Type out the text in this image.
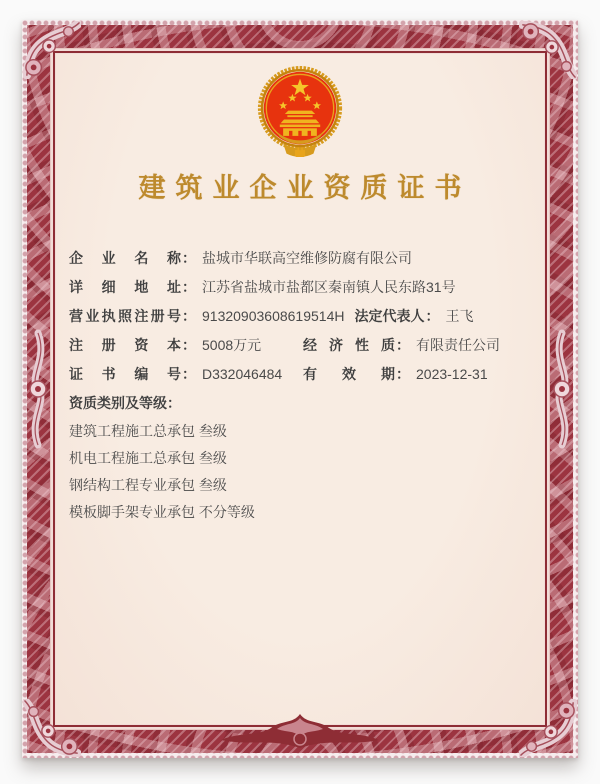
建筑业企业资质证书
企 业 名 称 ： 盐城市华联高空维修防腐有限公司
详 细 地 址 ： 江苏省盐城市盐都区秦南镇人民东路31号
营业执照注册号 ： 91320903608619514H 法定代表人 ： 王飞
注 册 资 本 ： 5008万元	经 济 性 质 ： 有限责任公司
证 书 编 号 ： D332046484 有 效 期 ： 2023-12-31
资质类别及等级：
建筑工程施工总承包 叁级
机电工程施工总承包 叁级
钢结构工程专业承包 叁级
模板脚手架专业承包 不分等级
